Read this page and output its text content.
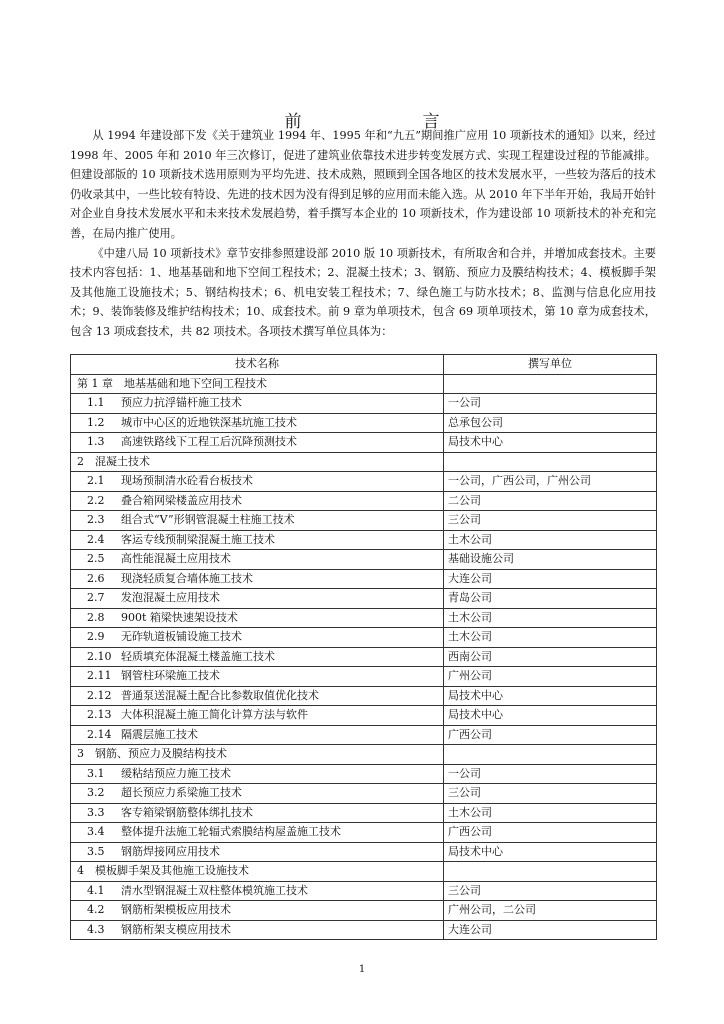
前　言

从 1994 年建设部下发《关于建筑业 1994 年、1995 年和“九五”期间推广应用 10 项新技术的通知》以来，经过 1998 年、2005 年和 2010 年三次修订，促进了建筑业依靠技术进步转变发展方式、实现工程建设过程的节能减排。但建设部版的 10 项新技术选用原则为平均先进、技术成熟，照顾到全国各地区的技术发展水平，一些较为落后的技术仍收录其中，一些比较有特设、先进的技术因为没有得到足够的应用而未能入选。从 2010 年下半年开始，我局开始针对企业自身技术发展水平和未来技术发展趋势，着手撰写本企业的 10 项新技术，作为建设部 10 项新技术的补充和完善，在局内推广使用。

《中建八局 10 项新技术》章节安排参照建设部 2010 版 10 项新技术，有所取舍和合并，并增加成套技术。主要技术内容包括：1、地基基础和地下空间工程技术；2、混凝土技术；3、钢筋、预应力及膜结构技术；4、模板脚手架及其他施工设施技术；5、钢结构技术；6、机电安装工程技术；7、绿色施工与防水技术；8、监测与信息化应用技术；9、装饰装修及维护结构技术；10、成套技术。前 9 章为单项技术，包含 69 项单项技术，第 10 章为成套技术，包含 13 项成套技术，共 82 项技术。各项技术撰写单位具体为：

技术名称	撰写单位
第 1 章　地基基础和地下空间工程技术	
1.1 预应力抗浮锚杆施工技术	一公司
1.2 城市中心区的近地铁深基坑施工技术	总承包公司
1.3 高速铁路线下工程工后沉降预测技术	局技术中心
2　混凝土技术	
2.1 现场预制清水砼看台板技术	一公司，广西公司，广州公司
2.2 叠合箱网梁楼盖应用技术	二公司
2.3 组合式“V”形钢管混凝土柱施工技术	三公司
2.4 客运专线预制梁混凝土施工技术	土木公司
2.5 高性能混凝土应用技术	基础设施公司
2.6 现浇轻质复合墙体施工技术	大连公司
2.7 发泡混凝土应用技术	青岛公司
2.8 900t 箱梁快速架设技术	土木公司
2.9 无砟轨道板铺设施工技术	土木公司
2.10 轻质填充体混凝土楼盖施工技术	西南公司
2.11 钢管柱环梁施工技术	广州公司
2.12 普通泵送混凝土配合比参数取值优化技术	局技术中心
2.13 大体积混凝土施工简化计算方法与软件	局技术中心
2.14 隔震层施工技术	广西公司
3　钢筋、预应力及膜结构技术	
3.1 缓粘结预应力施工技术	一公司
3.2 超长预应力系梁施工技术	三公司
3.3 客专箱梁钢筋整体绑扎技术	土木公司
3.4 整体提升法施工轮辐式索膜结构屋盖施工技术	广西公司
3.5 钢筋焊接网应用技术	局技术中心
4　模板脚手架及其他施工设施技术	
4.1 清水型钢混凝土双柱整体模筑施工技术	三公司
4.2 钢筋桁架模板应用技术	广州公司，二公司
4.3 钢筋桁架支模应用技术	大连公司
1
